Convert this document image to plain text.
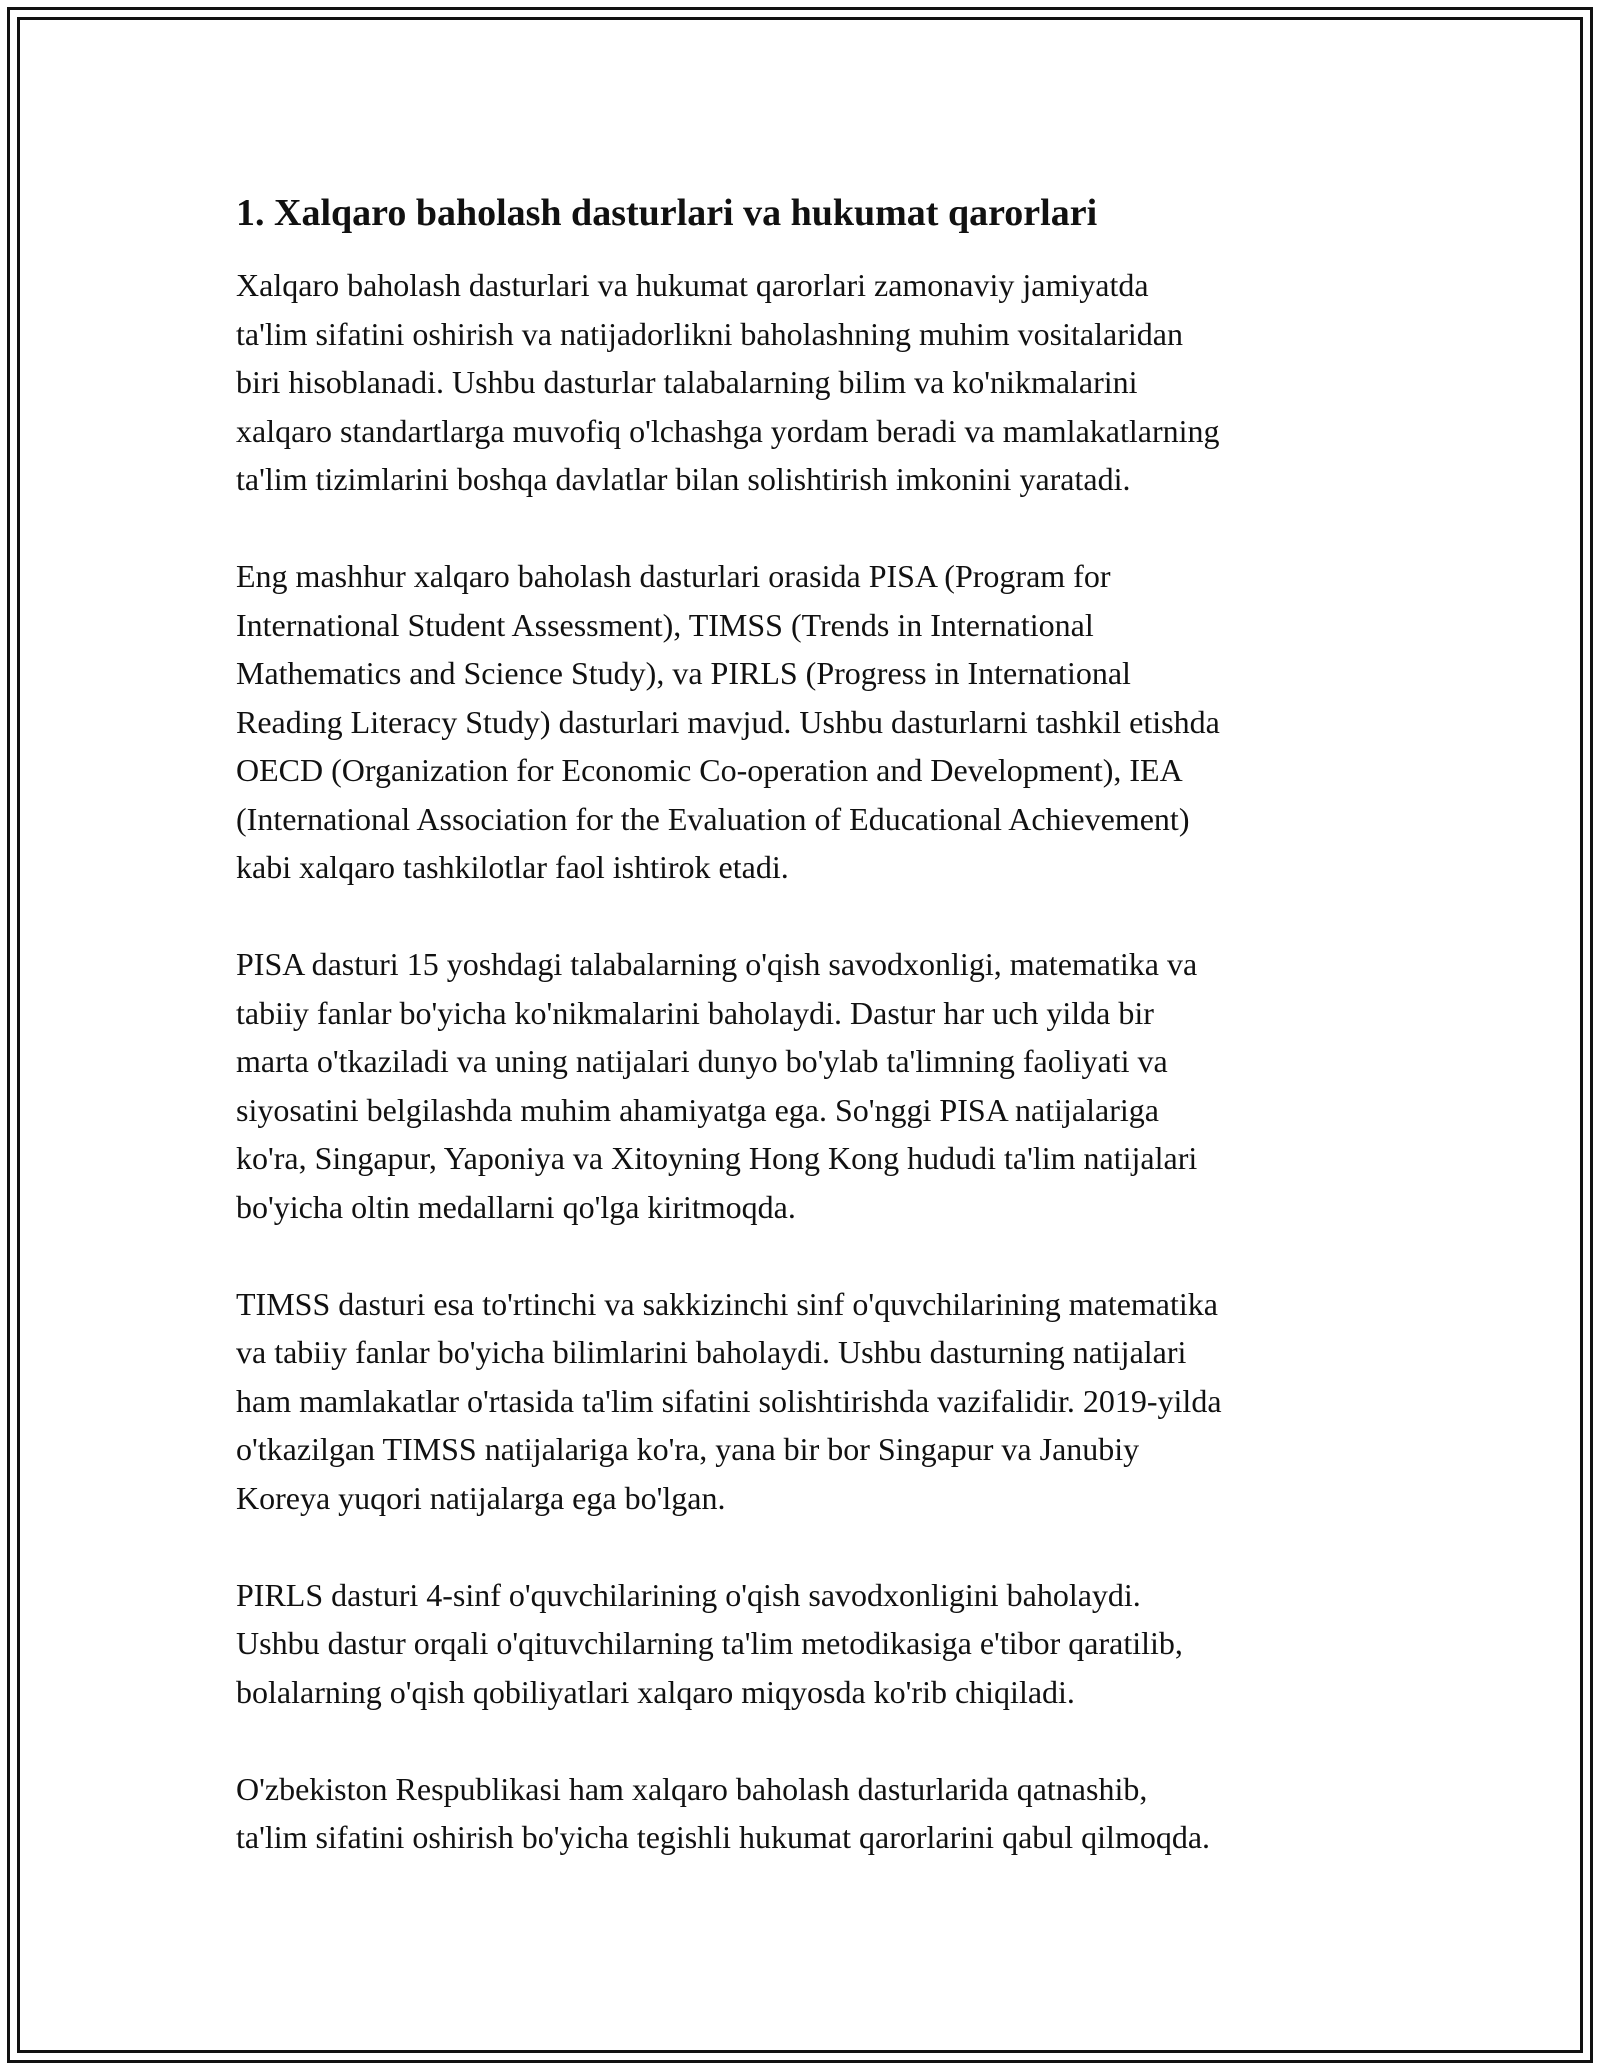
1. Xalqaro baholash dasturlari va hukumat qarorlari

Xalqaro baholash dasturlari va hukumat qarorlari zamonaviy jamiyatda
ta'lim sifatini oshirish va natijadorlikni baholashning muhim vositalaridan
biri hisoblanadi. Ushbu dasturlar talabalarning bilim va ko'nikmalarini
xalqaro standartlarga muvofiq o'lchashga yordam beradi va mamlakatlarning
ta'lim tizimlarini boshqa davlatlar bilan solishtirish imkonini yaratadi.

Eng mashhur xalqaro baholash dasturlari orasida PISA (Program for
International Student Assessment), TIMSS (Trends in International
Mathematics and Science Study), va PIRLS (Progress in International
Reading Literacy Study) dasturlari mavjud. Ushbu dasturlarni tashkil etishda
OECD (Organization for Economic Co-operation and Development), IEA
(International Association for the Evaluation of Educational Achievement)
kabi xalqaro tashkilotlar faol ishtirok etadi.

PISA dasturi 15 yoshdagi talabalarning o'qish savodxonligi, matematika va
tabiiy fanlar bo'yicha ko'nikmalarini baholaydi. Dastur har uch yilda bir
marta o'tkaziladi va uning natijalari dunyo bo'ylab ta'limning faoliyati va
siyosatini belgilashda muhim ahamiyatga ega. So'nggi PISA natijalariga
ko'ra, Singapur, Yaponiya va Xitoyning Hong Kong hududi ta'lim natijalari
bo'yicha oltin medallarni qo'lga kiritmoqda.

TIMSS dasturi esa to'rtinchi va sakkizinchi sinf o'quvchilarining matematika
va tabiiy fanlar bo'yicha bilimlarini baholaydi. Ushbu dasturning natijalari
ham mamlakatlar o'rtasida ta'lim sifatini solishtirishda vazifalidir. 2019-yilda
o'tkazilgan TIMSS natijalariga ko'ra, yana bir bor Singapur va Janubiy
Koreya yuqori natijalarga ega bo'lgan.

PIRLS dasturi 4-sinf o'quvchilarining o'qish savodxonligini baholaydi.
Ushbu dastur orqali o'qituvchilarning ta'lim metodikasiga e'tibor qaratilib,
bolalarning o'qish qobiliyatlari xalqaro miqyosda ko'rib chiqiladi.

O'zbekiston Respublikasi ham xalqaro baholash dasturlarida qatnashib,
ta'lim sifatini oshirish bo'yicha tegishli hukumat qarorlarini qabul qilmoqda.
